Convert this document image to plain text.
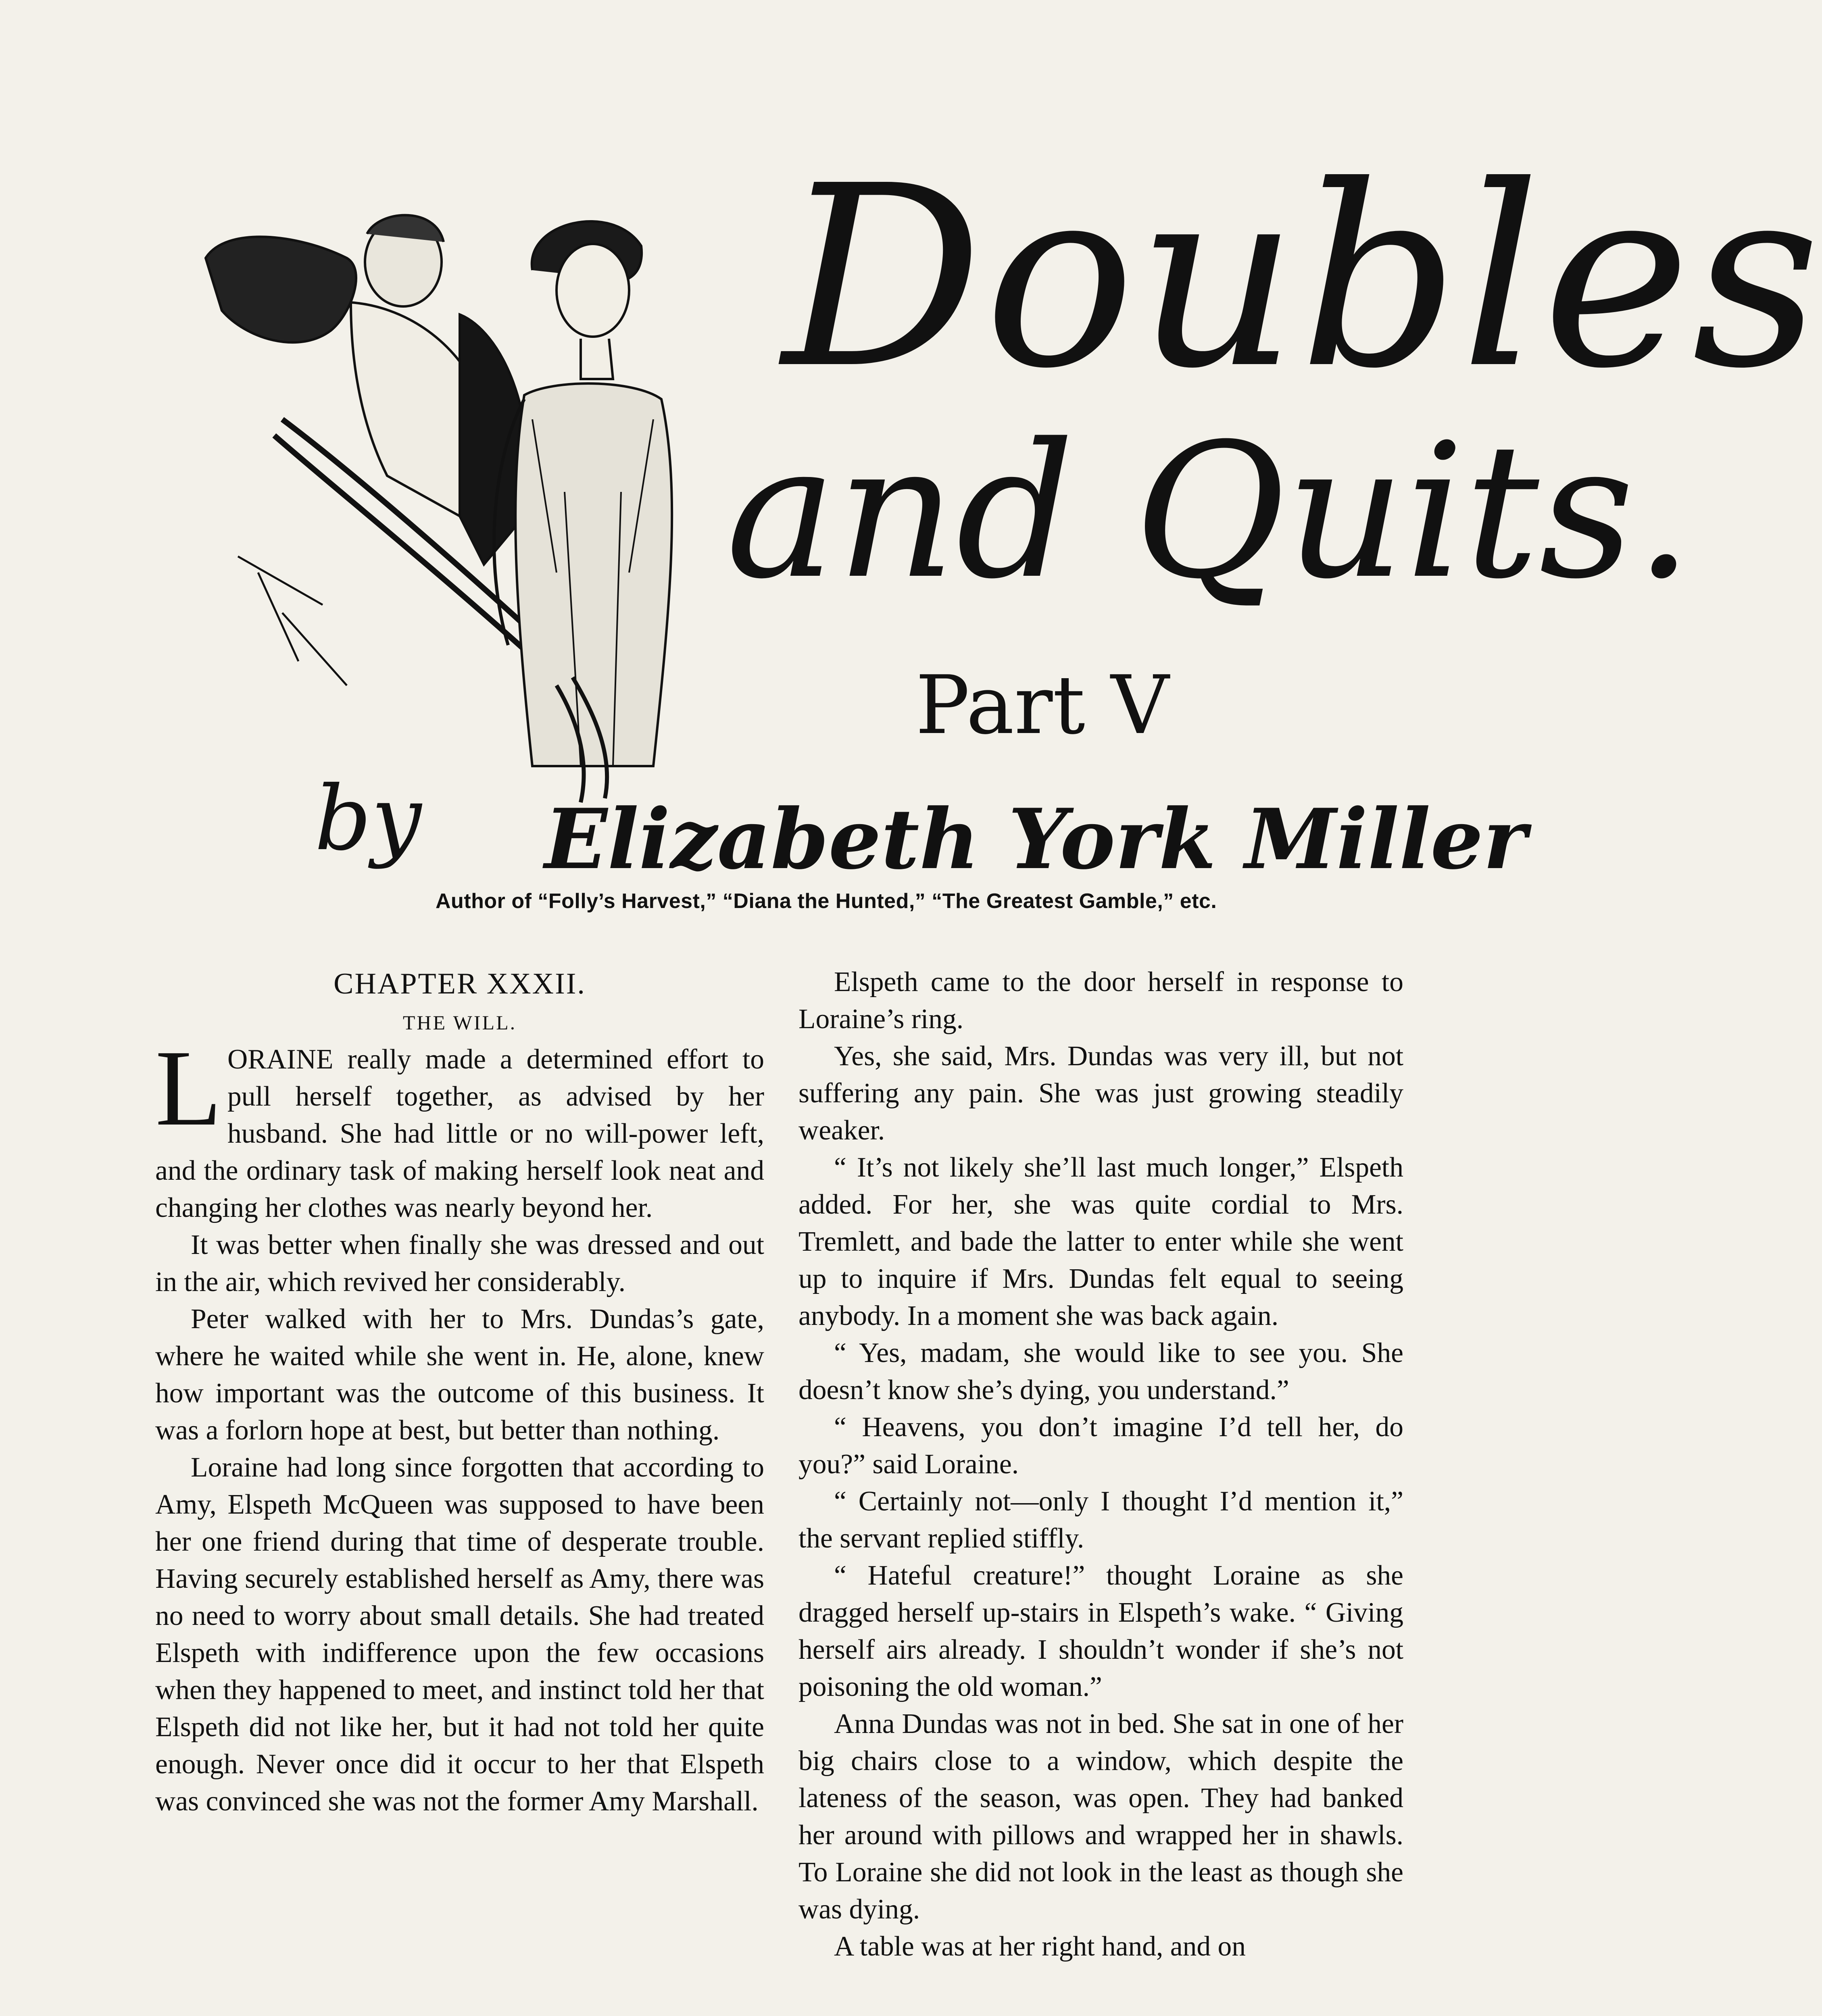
Doubles
and Quits.
Part V
by Elizabeth York Miller
Author of “Folly’s Harvest,” “Diana the Hunted,” “The Greatest Gamble,” etc.

CHAPTER XXXII.

THE WILL.

LORAINE really made a determined effort to pull herself together, as advised by her husband. She had little or no will-power left, and the ordinary task of making herself look neat and changing her clothes was nearly beyond her.

It was better when finally she was dressed and out in the air, which revived her considerably.

Peter walked with her to Mrs. Dundas’s gate, where he waited while she went in. He, alone, knew how important was the outcome of this business. It was a forlorn hope at best, but better than nothing.

Loraine had long since forgotten that according to Amy, Elspeth McQueen was supposed to have been her one friend during that time of desperate trouble. Having securely established herself as Amy, there was no need to worry about small details. She had treated Elspeth with indifference upon the few occasions when they happened to meet, and instinct told her that Elspeth did not like her, but it had not told her quite enough. Never once did it occur to her that Elspeth was convinced she was not the former Amy Marshall.

Elspeth came to the door herself in response to Loraine’s ring.

Yes, she said, Mrs. Dundas was very ill, but not suffering any pain. She was just growing steadily weaker.

“ It’s not likely she’ll last much longer,” Elspeth added. For her, she was quite cordial to Mrs. Tremlett, and bade the latter to enter while she went up to inquire if Mrs. Dundas felt equal to seeing anybody. In a moment she was back again.

“ Yes, madam, she would like to see you. She doesn’t know she’s dying, you understand.”

“ Heavens, you don’t imagine I’d tell her, do you?” said Loraine.

“ Certainly not—only I thought I’d mention it,” the servant replied stiffly.

“ Hateful creature!” thought Loraine as she dragged herself up-stairs in Elspeth’s wake. “ Giving herself airs already. I shouldn’t wonder if she’s not poisoning the old woman.”

Anna Dundas was not in bed. She sat in one of her big chairs close to a window, which despite the lateness of the season, was open. They had banked her around with pillows and wrapped her in shawls. To Loraine she did not look in the least as though she was dying.

A table was at her right hand, and on
